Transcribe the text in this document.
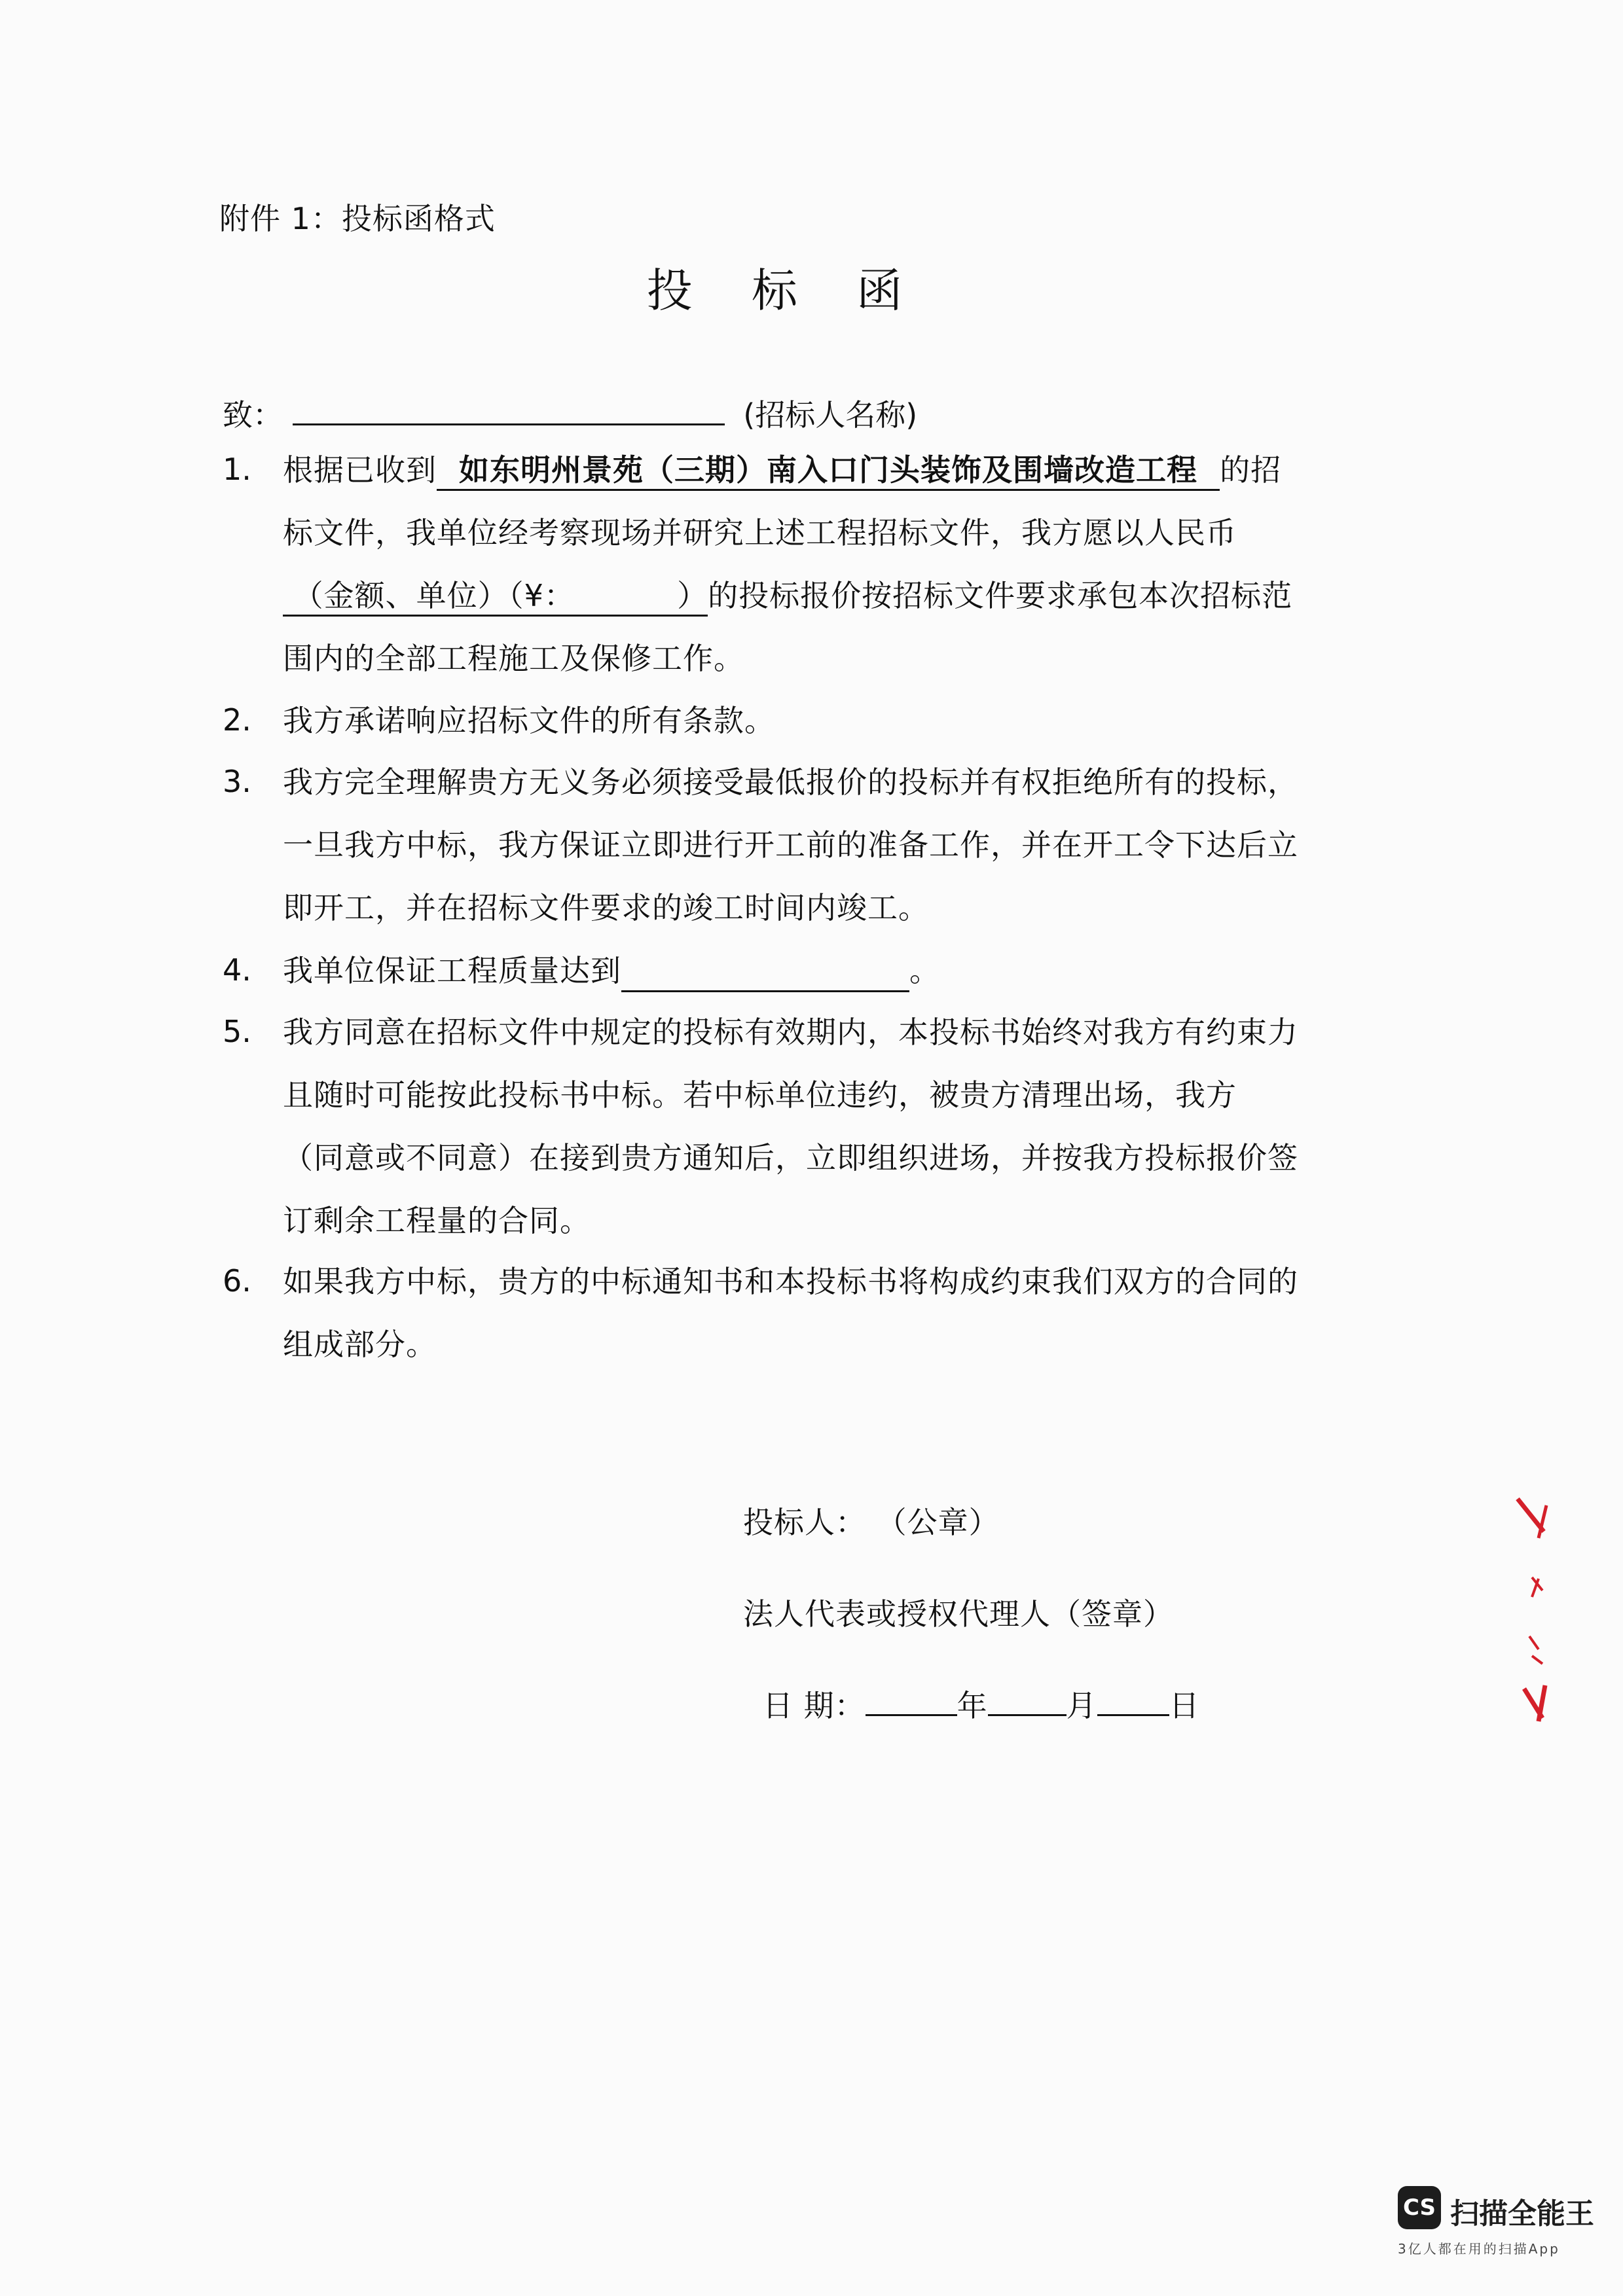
附件 1：投标函格式
投 标 函
致：	(招标人名称)
1. 根据已收到  如东明州景苑（三期）南入口门头装饰及围墙改造工程  的招
标文件，我单位经考察现场并研究上述工程招标文件，我方愿以人民币
（金额、单位）（¥：          ）的投标报价按招标文件要求承包本次招标范
围内的全部工程施工及保修工作。
2. 我方承诺响应招标文件的所有条款。
3. 我方完全理解贵方无义务必须接受最低报价的投标并有权拒绝所有的投标，
一旦我方中标，我方保证立即进行开工前的准备工作，并在开工令下达后立
即开工，并在招标文件要求的竣工时间内竣工。
4. 我单位保证工程质量达到	。
5. 我方同意在招标文件中规定的投标有效期内，本投标书始终对我方有约束力
且随时可能按此投标书中标。若中标单位违约，被贵方清理出场，我方
（同意或不同意）在接到贵方通知后，立即组织进场，并按我方投标报价签
订剩余工程量的合同。
6. 如果我方中标，贵方的中标通知书和本投标书将构成约束我们双方的合同的
组成部分。
投标人： （公章）
法人代表或授权代理人（签章）
日 期：	年	月 日
CS 扫描全能王
3亿人都在用的扫描App
